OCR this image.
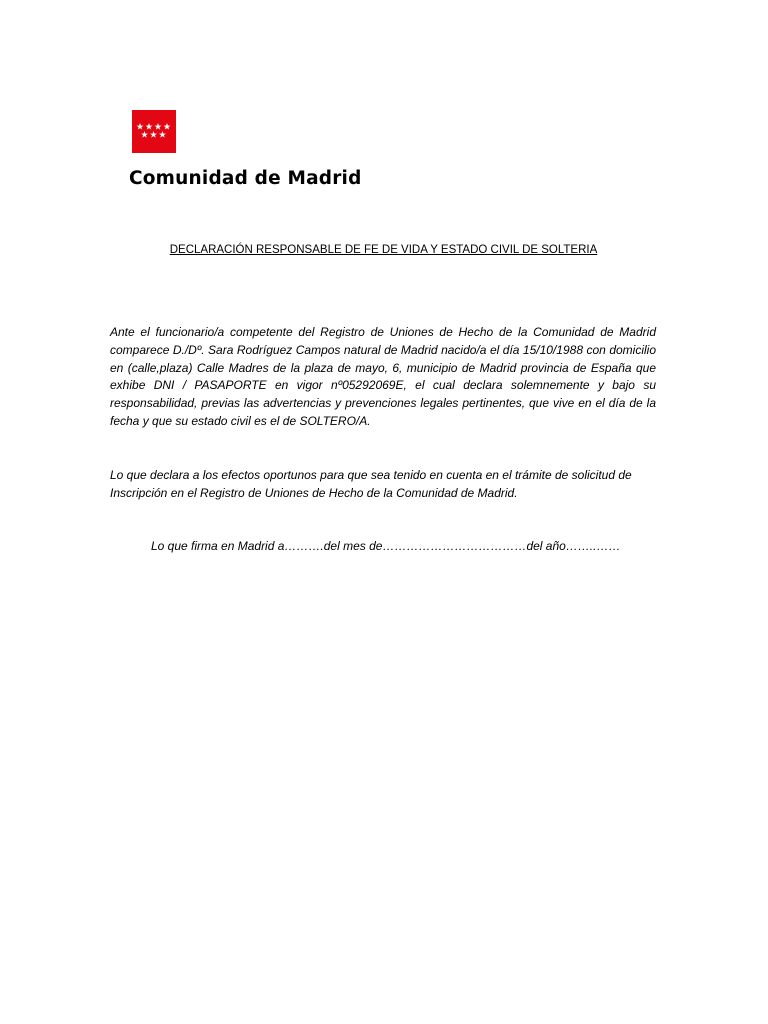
Comunidad de Madrid
DECLARACIÓN RESPONSABLE DE FE DE VIDA Y ESTADO CIVIL DE SOLTERIA
Ante el funcionario/a competente del Registro de Uniones de Hecho de la Comunidad de Madrid comparece D./Dº. Sara Rodríguez Campos natural de Madrid nacido/a el día 15/10/1988 con domicilio en (calle,plaza) Calle Madres de la plaza de mayo, 6, municipio de Madrid provincia de España que exhibe DNI / PASAPORTE en vigor nº05292069E, el cual declara solemnemente y bajo su responsabilidad, previas las advertencias y prevenciones legales pertinentes, que vive en el día de la fecha y que su estado civil es el de SOLTERO/A.
Lo que declara a los efectos oportunos para que sea tenido en cuenta en el trámite de solicitud de Inscripción en el Registro de Uniones de Hecho de la Comunidad de Madrid.
Lo que firma en Madrid a……….del mes de………………………………del año……..……
